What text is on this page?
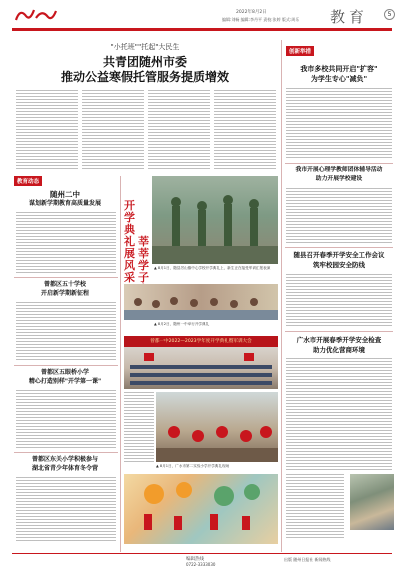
2022年8月2日
编辑:刘畅 编辑:李丹平 责校:张婷 版式:周乐 教育	5
"小托班""托起"大民生
共青团随州市委
推动公益寒假托管服务提质增效
创新举措
我市多校共同开启"扩容"
为学生专心"减负"
我市开展心理学教师团体辅导活动
助力开展学校建设
随县召开春季开学安全工作会议
筑牢校园安全防线
广水市开展春季开学安全检查
助力优化营商环境
教育动态
随州二中
谋划新学期教育高质量发展
曾都区五十学校
开启新学期新征程
曾都区五眼桥小学
精心打造别样"开学第一课"
曾都区东关小学积极参与
湖北省青少年体育冬令营
开学典礼展风采
莘莘学子
▲ 8月1日，随县厉山镇中心学校开学典礼上，新生正在接受军训汇报表演
▲ 8月2日，随州一中举行开学典礼
曾都一中2022—2023学年度开学典礼暨军训大会
▲ 8月1日，广水市第二实验小学开学典礼现场
编辑热线
0722-3333030
出版 随州日报社 新闻热线
